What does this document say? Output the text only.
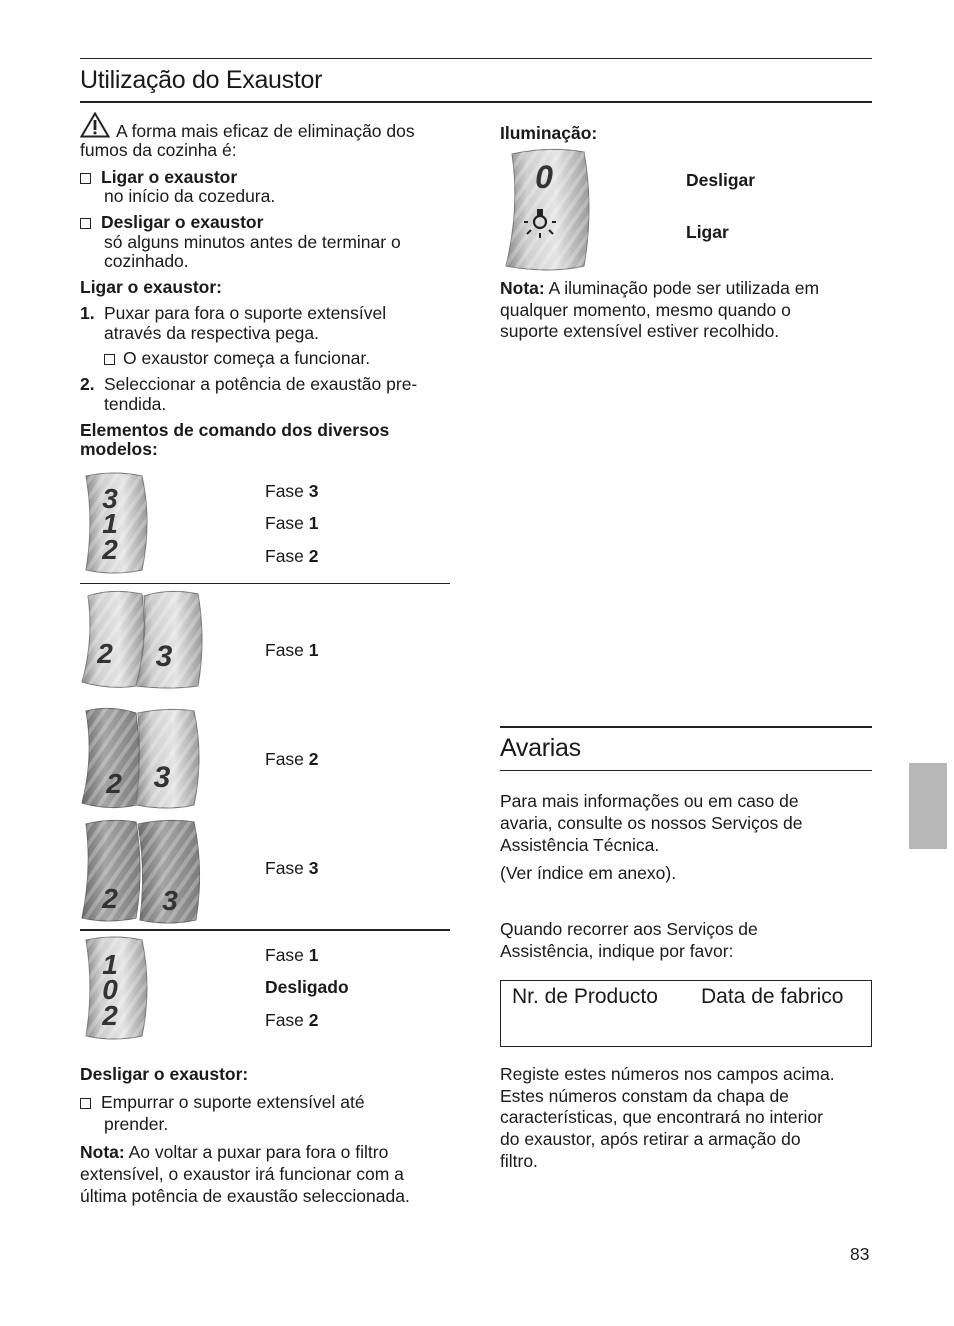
Utilização do Exaustor
A forma mais eficaz de eliminação dos
fumos da cozinha é:
Ligar o exaustor
no início da cozedura.
Desligar o exaustor
só alguns minutos antes de terminar o
cozinhado.
Ligar o exaustor:
1. Puxar para fora o suporte extensível
através da respectiva pega.
O exaustor começa a funcionar.
2. Seleccionar a potência de exaustão pre-
tendida.
Elementos de comando dos diversos
modelos:
3
1
2
Fase 3
Fase 1
Fase 2
2 3	Fase 1
2 3
Fase 2
2 3
Fase 3
1
0
2
Fase 1
Desligado
Fase 2
Desligar o exaustor:
Empurrar o suporte extensível até
prender.
Nota: Ao voltar a puxar para fora o filtro
extensível, o exaustor irá funcionar com a
última potência de exaustão seleccionada.
Iluminação:
0	Desligar
Ligar
Nota: A iluminação pode ser utilizada em
qualquer momento, mesmo quando o
suporte extensível estiver recolhido.
Avarias
Para mais informações ou em caso de
avaria, consulte os nossos Serviços de
Assistência Técnica.
(Ver índice em anexo).
Quando recorrer aos Serviços de
Assistência, indique por favor:
Nr. de Producto Data de fabrico
Registe estes números nos campos acima.
Estes números constam da chapa de
características, que encontrará no interior
do exaustor, após retirar a armação do
filtro.
83
